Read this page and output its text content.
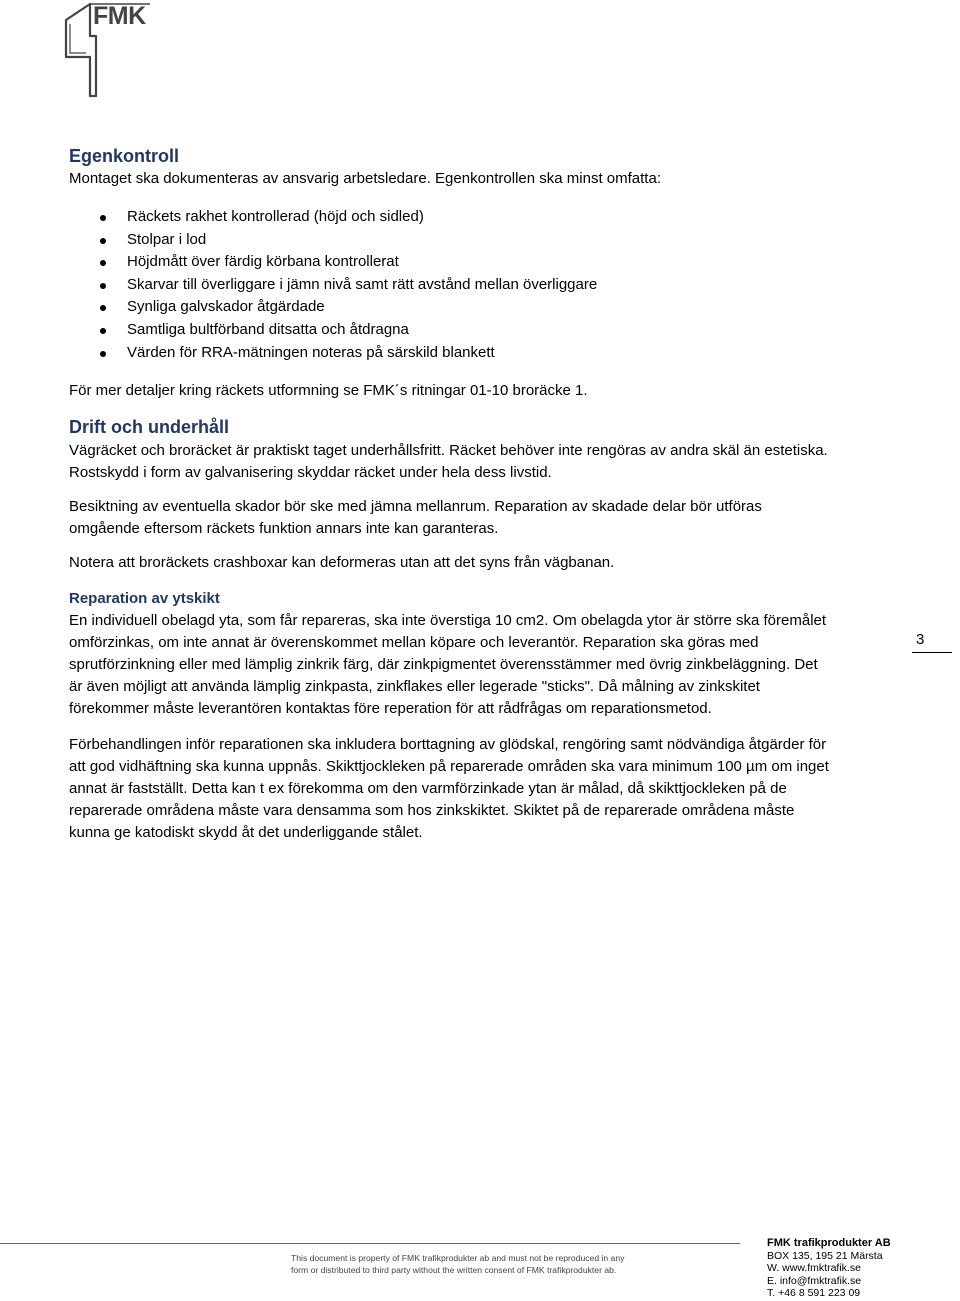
FMK
Egenkontroll
Montaget ska dokumenteras av ansvarig arbetsledare. Egenkontrollen ska minst omfatta:
Räckets rakhet kontrollerad (höjd och sidled)
Stolpar i lod
Höjdmått över färdig körbana kontrollerat
Skarvar till överliggare i jämn nivå samt rätt avstånd mellan överliggare
Synliga galvskador åtgärdade
Samtliga bultförband ditsatta och åtdragna
Värden för RRA-mätningen noteras på särskild blankett
För mer detaljer kring räckets utformning se FMK´s ritningar 01-10 broräcke 1.
Drift och underhåll
Vägräcket och broräcket är praktiskt taget underhållsfritt. Räcket behöver inte rengöras av andra skäl än estetiska.
Rostskydd i form av galvanisering skyddar räcket under hela dess livstid.
Besiktning av eventuella skador bör ske med jämna mellanrum. Reparation av skadade delar bör utföras
omgående eftersom räckets funktion annars inte kan garanteras.
Notera att broräckets crashboxar kan deformeras utan att det syns från vägbanan.
Reparation av ytskikt
En individuell obelagd yta, som får repareras, ska inte överstiga 10 cm2. Om obelagda ytor är större ska föremålet
omförzinkas, om inte annat är överenskommet mellan köpare och leverantör. Reparation ska göras med
sprutförzinkning eller med lämplig zinkrik färg, där zinkpigmentet överensstämmer med övrig zinkbeläggning. Det
är även möjligt att använda lämplig zinkpasta, zinkflakes eller legerade "sticks". Då målning av zinkskitet
förekommer måste leverantören kontaktas före reperation för att rådfrågas om reparationsmetod.
Förbehandlingen inför reparationen ska inkludera borttagning av glödskal, rengöring samt nödvändiga åtgärder för
att god vidhäftning ska kunna uppnås. Skikttjockleken på reparerade områden ska vara minimum 100 µm om inget
annat är fastställt. Detta kan t ex förekomma om den varmförzinkade ytan är målad, då skikttjockleken på de
reparerade områdena måste vara densamma som hos zinkskiktet. Skiktet på de reparerade områdena måste
kunna ge katodiskt skydd åt det underliggande stålet.
3
This document is property of FMK trafikprodukter ab and must not be reproduced in any
form or distributed to third party without the written consent of FMK trafikprodukter ab.
FMK trafikprodukter AB
BOX 135, 195 21 Märsta
W. www.fmktrafik.se
E. info@fmktrafik.se
T. +46 8 591 223 09
